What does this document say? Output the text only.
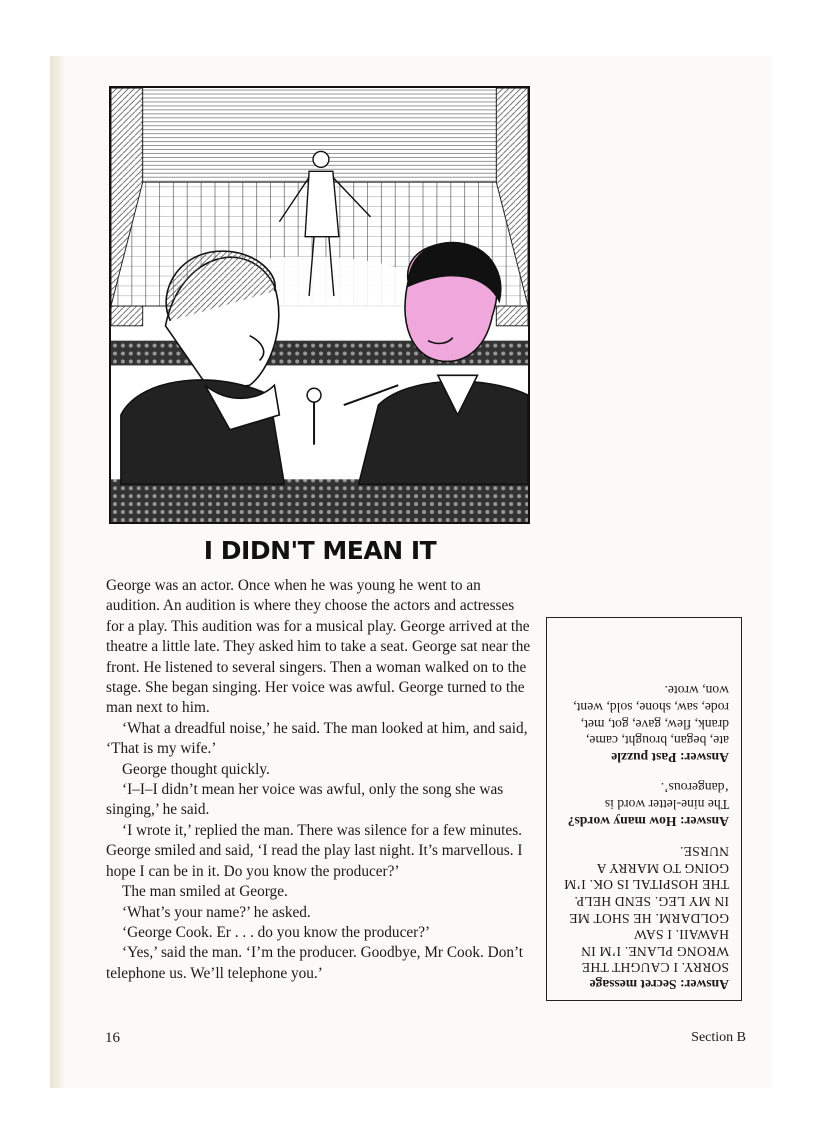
I DIDN'T MEAN IT

George was an actor. Once when he was young he went to an audition. An audition is where they choose the actors and actresses for a play. This audition was for a musical play. George arrived at the theatre a little late. They asked him to take a seat. George sat near the front. He listened to several singers. Then a woman walked on to the stage. She began singing. Her voice was awful. George turned to the man next to him.

‘What a dreadful noise,’ he said. The man looked at him, and said, ‘That is my wife.’

George thought quickly.

‘I–I–I didn’t mean her voice was awful, only the song she was singing,’ he said.

‘I wrote it,’ replied the man. There was silence for a few minutes. George smiled and said, ‘I read the play last night. It’s marvellous. I hope I can be in it. Do you know the producer?’

The man smiled at George.

‘What’s your name?’ he asked.

‘George Cook. Er . . . do you know the producer?’

‘Yes,’ said the man. ‘I’m the producer. Goodbye, Mr Cook. Don’t telephone us. We’ll telephone you.’

Answer: Secret message
SORRY. I CAUGHT THE WRONG PLANE. I’M IN HAWAII. I SAW GOLDARM. HE SHOT ME IN MY LEG. SEND HELP. THE HOSPITAL IS OK. I’M GOING TO MARRY A NURSE.
Answer: How many words?
The nine-letter word is ‘dangerous’.
Answer: Past puzzle
ate, began, brought, came, drank, flew, gave, got, met, rode, saw, shone, sold, went, won, wrote.
16	Section B
